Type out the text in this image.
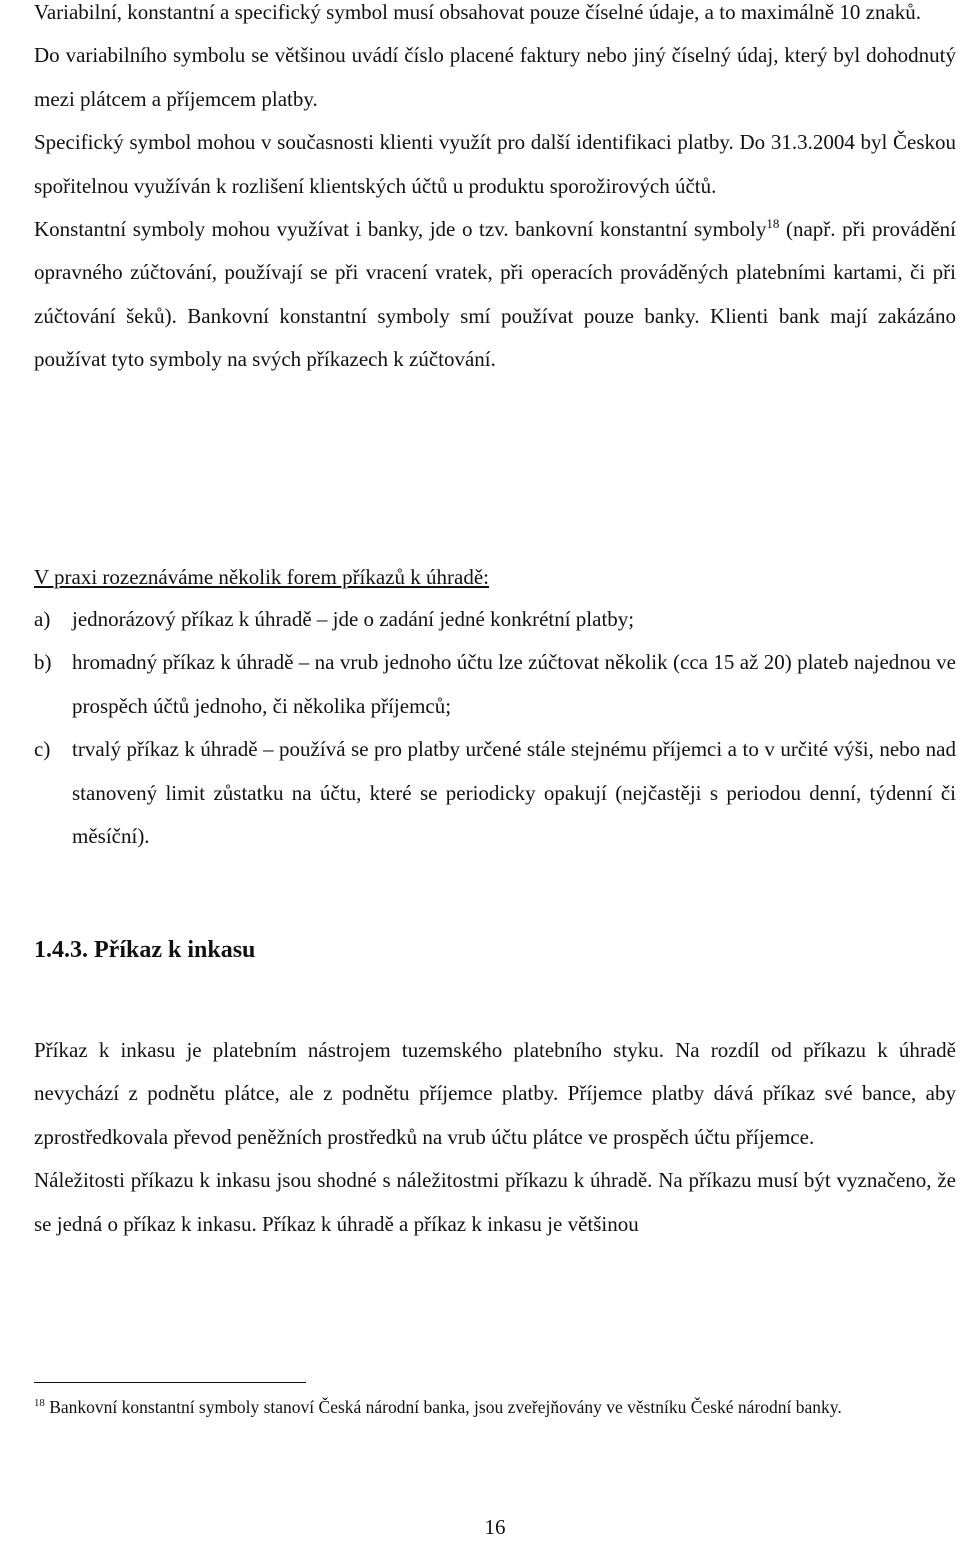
Variabilní, konstantní a specifický symbol musí obsahovat pouze číselné údaje, a to maximálně 10 znaků.
Do variabilního symbolu se většinou uvádí číslo placené faktury nebo jiný číselný údaj, který byl dohodnutý mezi plátcem a příjemcem platby.
Specifický symbol mohou v současnosti klienti využít pro další identifikaci platby. Do 31.3.2004 byl Českou spořitelnou využíván k rozlišení klientských účtů u produktu sporožirových účtů.
Konstantní symboly mohou využívat i banky, jde o tzv. bankovní konstantní symboly$^{18}$ (např. při provádění opravného zúčtování, používají se při vracení vratek, při operacích prováděných platebními kartami, či při zúčtování šeků). Bankovní konstantní symboly smí používat pouze banky. Klienti bank mají zakázáno používat tyto symboly na svých příkazech k zúčtování.
V praxi rozeznáváme několik forem příkazů k úhradě:
a)	jednorázový příkaz k úhradě – jde o zadání jedné konkrétní platby;
b) hromadný příkaz k úhradě – na vrub jednoho účtu lze zúčtovat několik (cca 15 až 20) plateb najednou ve prospěch účtů jednoho, či několika příjemců;
c)	trvalý příkaz k úhradě – používá se pro platby určené stále stejnému příjemci a to v určité výši, nebo nad stanovený limit zůstatku na účtu, které se periodicky opakují (nejčastěji s periodou denní, týdenní či měsíční).
1.4.3. Příkaz k inkasu
Příkaz k inkasu je platebním nástrojem tuzemského platebního styku. Na rozdíl od příkazu k úhradě nevychází z podnětu plátce, ale z podnětu příjemce platby. Příjemce platby dává příkaz své bance, aby zprostředkovala převod peněžních prostředků na vrub účtu plátce ve prospěch účtu příjemce.
Náležitosti příkazu k inkasu jsou shodné s náležitostmi příkazu k úhradě. Na příkazu musí být vyznačeno, že se jedná o příkaz k inkasu. Příkaz k úhradě a příkaz k inkasu je většinou

$^{18}$ Bankovní konstantní symboly stanoví Česká národní banka, jsou zveřejňovány ve věstníku České národní banky.

16
